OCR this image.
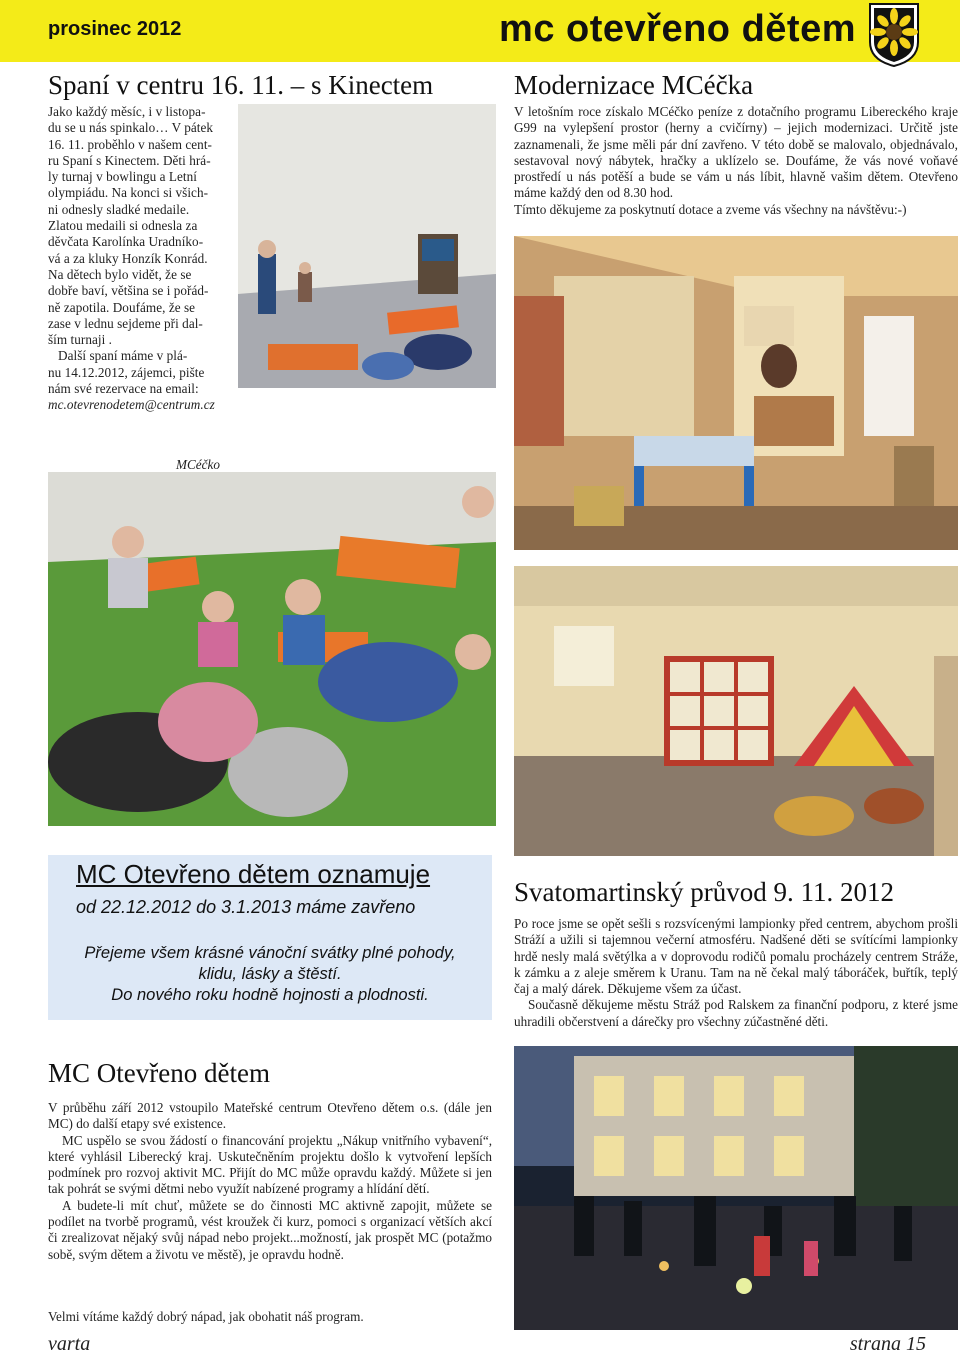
prosinec 2012	mc otevřeno dětem
Spaní v centru 16. 11. – s Kinectem
Jako každý měsíc, i v listopa-
du se u nás spinkalo… V pátek
16. 11. proběhlo v našem cent-
ru Spaní s Kinectem. Děti hrá-
ly turnaj v bowlingu a Letní
olympiádu. Na konci si všich-
ni odnesly sladké medaile.
Zlatou medaili si odnesla za
děvčata Karolínka Uradníko-
vá a za kluky Honzík Konrád.
Na dětech bylo vidět, že se
dobře baví, většina se i pořád-
ně zapotila. Doufáme, že se
zase v lednu sejdeme při dal-
ším turnaji .
Další spaní máme v plá-
nu 14.12.2012, zájemci, pište
nám své rezervace na email:
mc.otevrenodetem@centrum.cz
MCéčko
Modernizace MCéčka

V letošním roce získalo MCéčko peníze z dotačního programu Libereckého kraje G99 na vylepšení prostor (herny a cvičírny) – jejich modernizaci. Určitě jste zaznamenali, že jsme měli pár dní zavřeno. V této době se malovalo, objednávalo, sestavoval nový nábytek, hračky a uklízelo se. Doufáme, že vás nové voňavé prostředí u nás potěší a bude se vám u nás líbit, hlavně vašim dětem. Otevřeno máme každý den od 8.30 hod.

Tímto děkujeme za poskytnutí dotace a zveme vás všechny na návštěvu:-)

MC Otevřeno dětem oznamuje
od 22.12.2012 do 3.1.2013 máme zavřeno
Přejeme všem krásné vánoční svátky plné pohody,
klidu, lásky a štěstí.
Do nového roku hodně hojnosti a plodnosti.
MC Otevřeno dětem

V průběhu září 2012 vstoupilo Mateřské centrum Otevřeno dětem o.s. (dále jen MC) do další etapy své existence.

MC uspělo se svou žádostí o financování projektu „Nákup vnitřního vybavení“, které vyhlásil Liberecký kraj. Uskutečněním projektu došlo k vytvoření lepších podmínek pro rozvoj aktivit MC. Přijít do MC může opravdu každý. Můžete si jen tak pohrát se svými dětmi nebo využít nabízené programy a hlídání dětí.

A budete-li mít chuť, můžete se do činnosti MC aktivně zapojit, můžete se podílet na tvorbě programů, vést kroužek či kurz, pomoci s organizací větších akcí či zrealizovat nějaký svůj nápad nebo projekt...možností, jak prospět MC (potažmo sobě, svým dětem a životu ve městě), je opravdu hodně.

Velmi vítáme každý dobrý nápad, jak obohatit náš program.
Svatomartinský průvod 9. 11. 2012

Po roce jsme se opět sešli s rozsvícenými lampionky před centrem, abychom prošli Stráží a užili si tajemnou večerní atmosféru. Nadšené děti se svítícími lampionky hrdě nesly malá světýlka a v doprovodu rodičů pomalu procházely centrem Stráže, k zámku a z aleje směrem k Uranu. Tam na ně čekal malý táboráček, buřtík, teplý čaj a malý dárek. Děkujeme všem za účast.

Současně děkujeme městu Stráž pod Ralskem za finanční podporu, z které jsme uhradili občerstvení a dárečky pro všechny zúčastněné děti.

varta	strana 15
